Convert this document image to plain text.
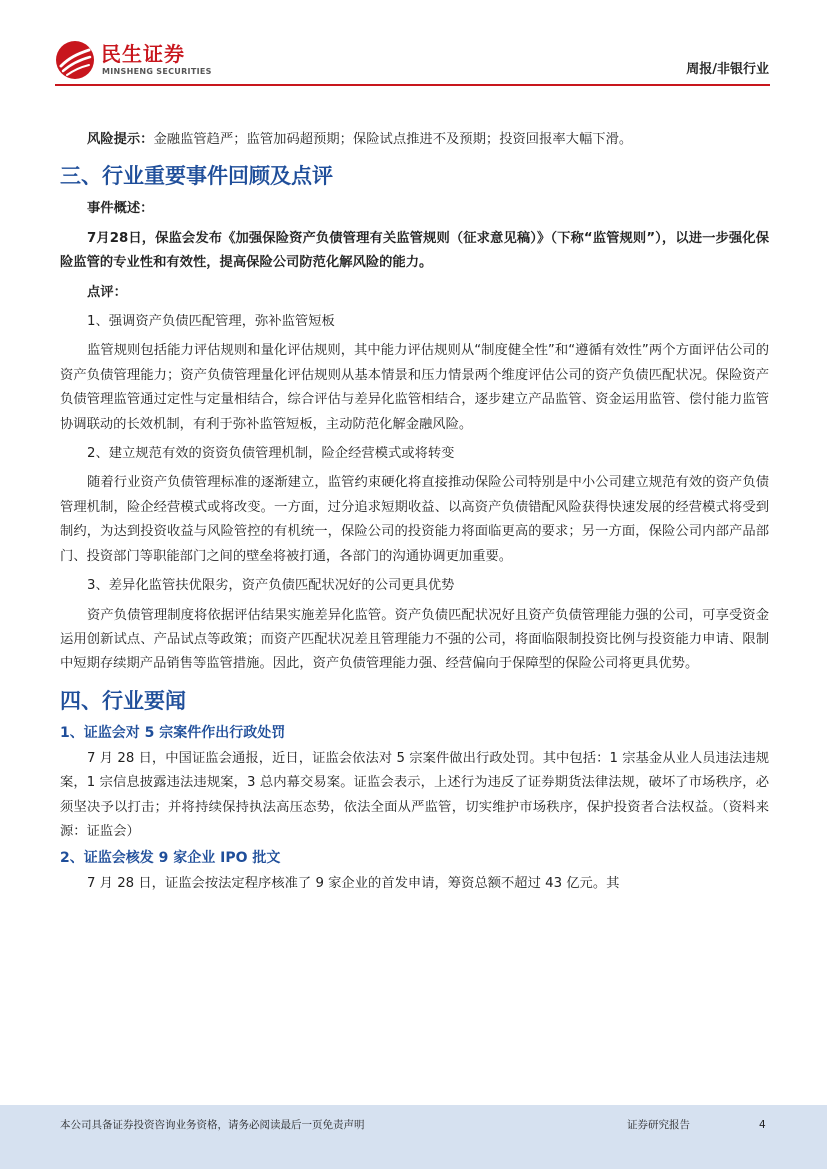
民生证券
MINSHENG SECURITIES	周报/非银行业

风险提示：金融监管趋严；监管加码超预期；保险试点推进不及预期；投资回报率大幅下滑。

三、行业重要事件回顾及点评

事件概述：

7月28日，保监会发布《加强保险资产负债管理有关监管规则（征求意见稿）》（下称“监管规则”），以进一步强化保险监管的专业性和有效性，提高保险公司防范化解风险的能力。

点评：

1、强调资产负债匹配管理，弥补监管短板

监管规则包括能力评估规则和量化评估规则，其中能力评估规则从“制度健全性”和“遵循有效性”两个方面评估公司的资产负债管理能力；资产负债管理量化评估规则从基本情景和压力情景两个维度评估公司的资产负债匹配状况。保险资产负债管理监管通过定性与定量相结合，综合评估与差异化监管相结合，逐步建立产品监管、资金运用监管、偿付能力监管协调联动的长效机制，有利于弥补监管短板，主动防范化解金融风险。

2、建立规范有效的资资负债管理机制，险企经营模式或将转变

随着行业资产负债管理标准的逐渐建立，监管约束硬化将直接推动保险公司特别是中小公司建立规范有效的资产负债管理机制，险企经营模式或将改变。一方面，过分追求短期收益、以高资产负债错配风险获得快速发展的经营模式将受到制约，为达到投资收益与风险管控的有机统一，保险公司的投资能力将面临更高的要求；另一方面，保险公司内部产品部门、投资部门等职能部门之间的壁垒将被打通，各部门的沟通协调更加重要。

3、差异化监管扶优限劣，资产负债匹配状况好的公司更具优势

资产负债管理制度将依据评估结果实施差异化监管。资产负债匹配状况好且资产负债管理能力强的公司，可享受资金运用创新试点、产品试点等政策；而资产匹配状况差且管理能力不强的公司，将面临限制投资比例与投资能力申请、限制中短期存续期产品销售等监管措施。因此，资产负债管理能力强、经营偏向于保障型的保险公司将更具优势。

四、行业要闻
1、证监会对 5 宗案件作出行政处罚

7 月 28 日，中国证监会通报，近日，证监会依法对 5 宗案件做出行政处罚。其中包括：1 宗基金从业人员违法违规案，1 宗信息披露违法违规案，3 总内幕交易案。证监会表示，上述行为违反了证券期货法律法规，破坏了市场秩序，必须坚决予以打击；并将持续保持执法高压态势，依法全面从严监管，切实维护市场秩序，保护投资者合法权益。（资料来源：证监会）

2、证监会核发 9 家企业 IPO 批文

7 月 28 日，证监会按法定程序核准了 9 家企业的首发申请，筹资总额不超过 43 亿元。其

本公司具备证券投资咨询业务资格，请务必阅读最后一页免责声明	证券研究报告	4
